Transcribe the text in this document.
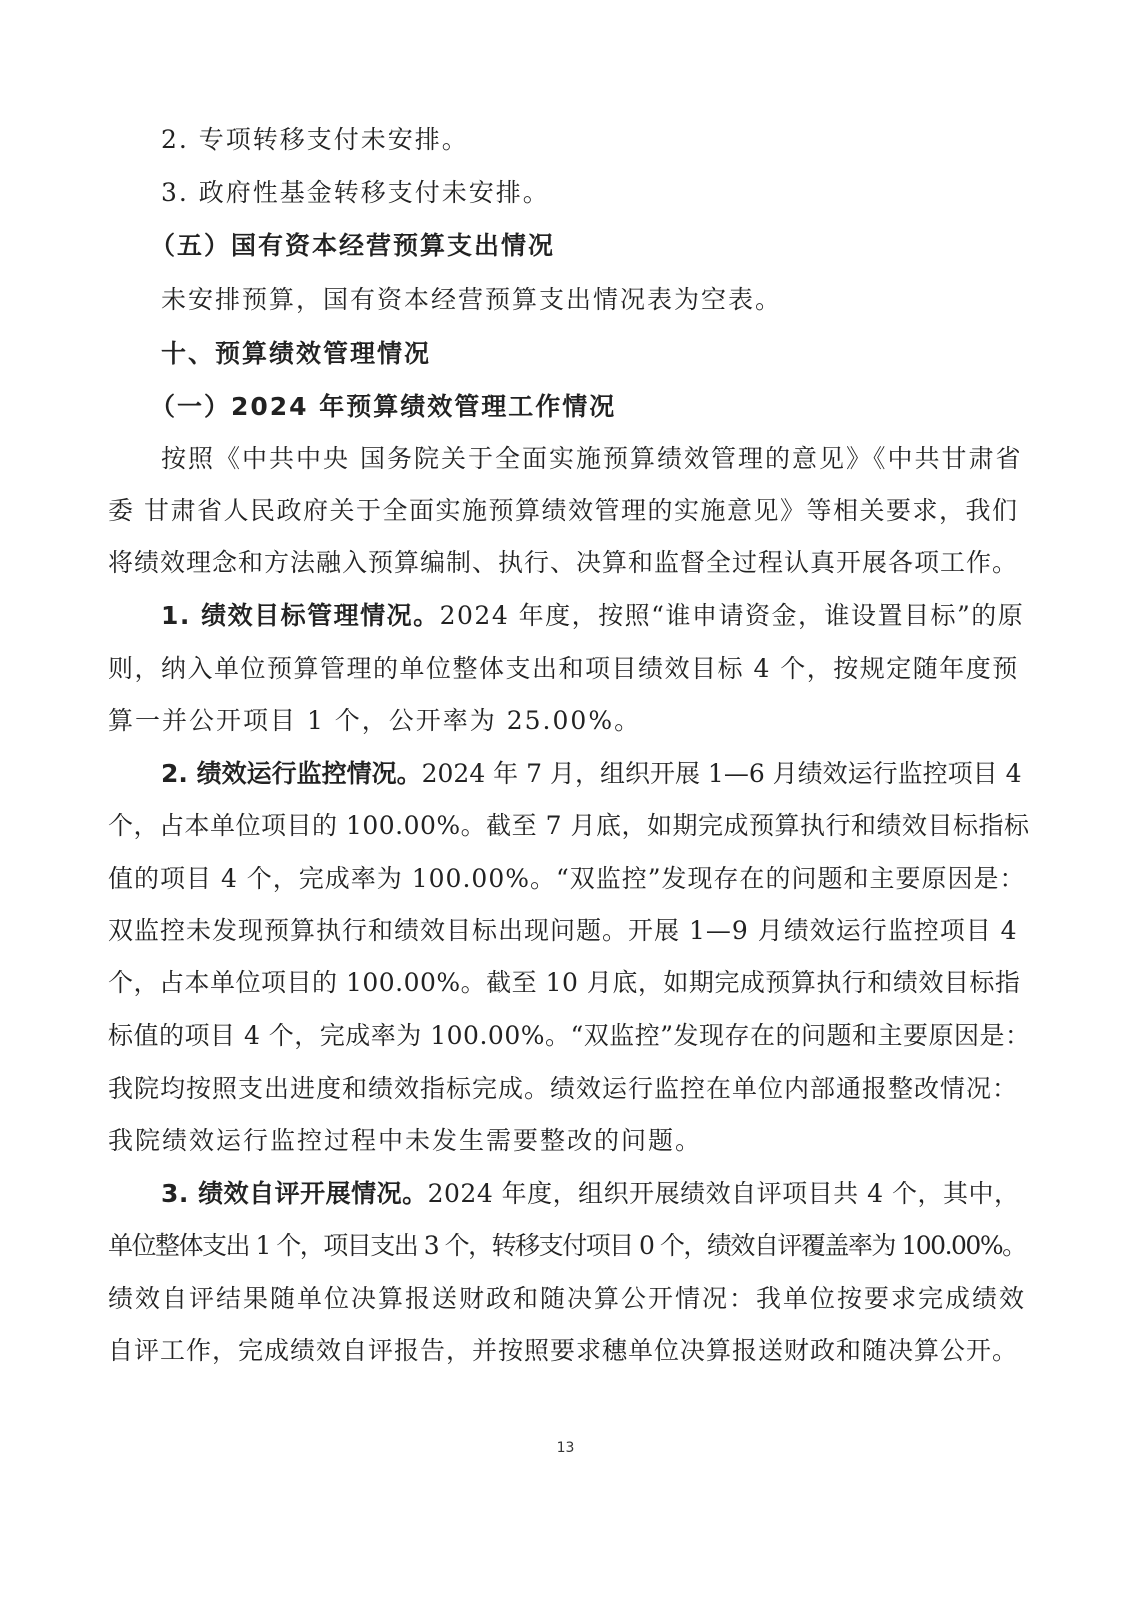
2. 专项转移支付未安排。
3. 政府性基金转移支付未安排。
（五）国有资本经营预算支出情况
未安排预算，国有资本经营预算支出情况表为空表。
十、预算绩效管理情况
（一）2024 年预算绩效管理工作情况
按照《中共中央 国务院关于全面实施预算绩效管理的意见》《中共甘肃省
委 甘肃省人民政府关于全面实施预算绩效管理的实施意见》等相关要求，我们
将绩效理念和方法融入预算编制、执行、决算和监督全过程认真开展各项工作。
1. 绩效目标管理情况。2024 年度，按照“谁申请资金，谁设置目标”的原
则，纳入单位预算管理的单位整体支出和项目绩效目标 4 个，按规定随年度预
算一并公开项目 1 个，公开率为 25.00%。
2. 绩效运行监控情况。2024 年 7 月，组织开展 1—6 月绩效运行监控项目 4
个，占本单位项目的 100.00%。截至 7 月底，如期完成预算执行和绩效目标指标
值的项目 4 个，完成率为 100.00%。“双监控”发现存在的问题和主要原因是：
双监控未发现预算执行和绩效目标出现问题。开展 1—9 月绩效运行监控项目 4
个，占本单位项目的 100.00%。截至 10 月底，如期完成预算执行和绩效目标指
标值的项目 4 个，完成率为 100.00%。“双监控”发现存在的问题和主要原因是：
我院均按照支出进度和绩效指标完成。绩效运行监控在单位内部通报整改情况：
我院绩效运行监控过程中未发生需要整改的问题。
3. 绩效自评开展情况。2024 年度，组织开展绩效自评项目共 4 个，其中，
单位整体支出 1 个，项目支出 3 个，转移支付项目 0 个，绩效自评覆盖率为 100.00%。
绩效自评结果随单位决算报送财政和随决算公开情况：我单位按要求完成绩效
自评工作，完成绩效自评报告，并按照要求穗单位决算报送财政和随决算公开。
13
